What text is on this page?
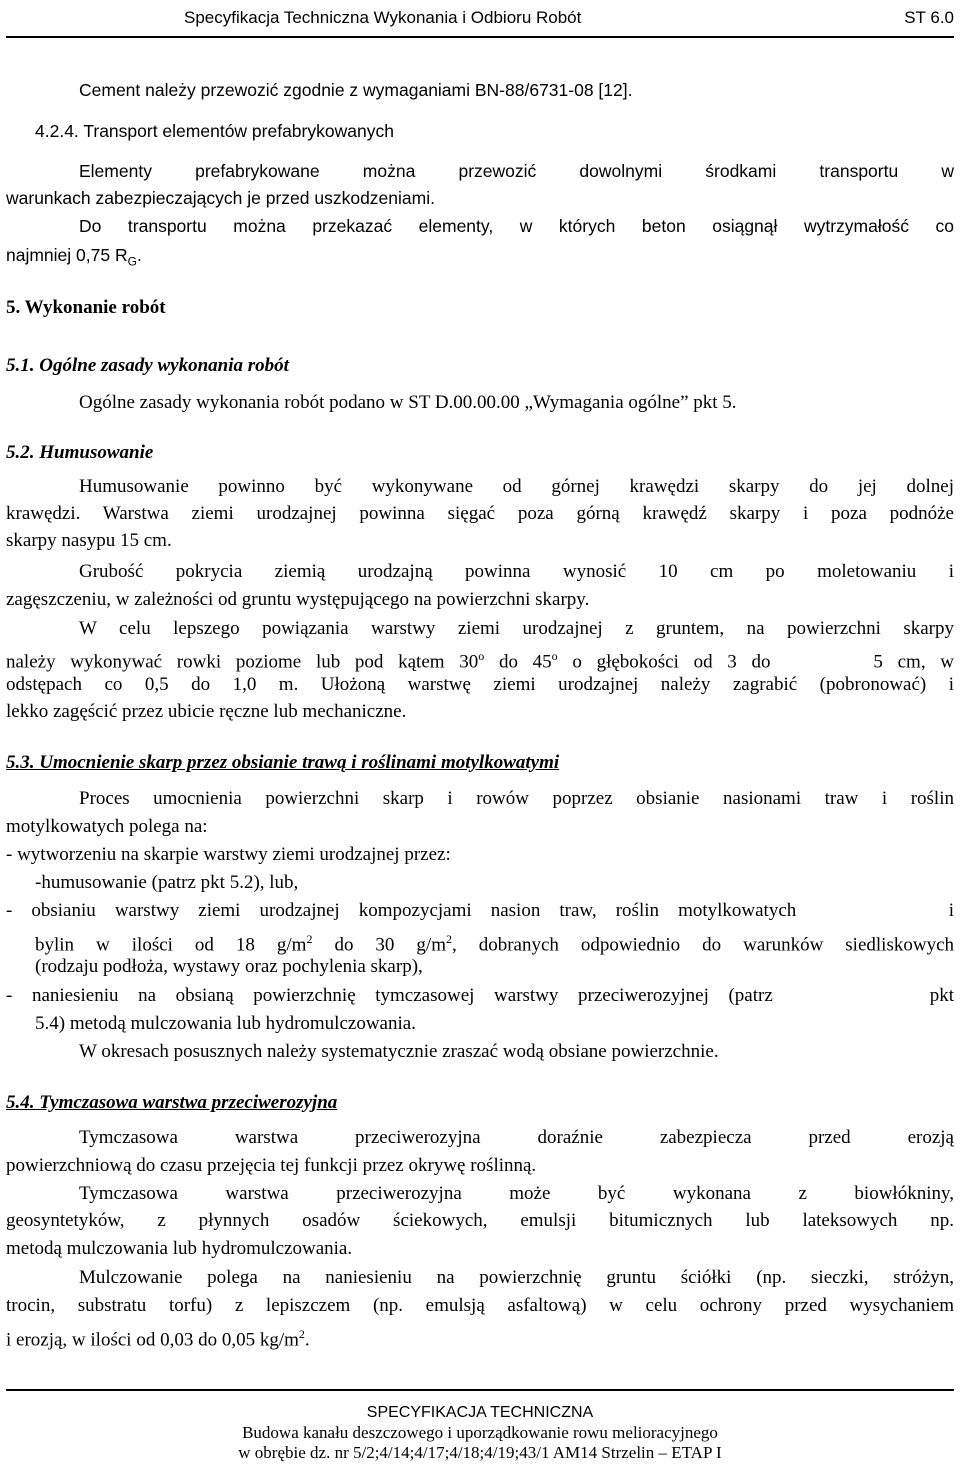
Specyfikacja Techniczna Wykonania i Odbioru Robót	ST 6.0
Cement należy przewozić zgodnie z wymaganiami BN-88/6731-08 [12].
4.2.4. Transport elementów prefabrykowanych
Elementy prefabrykowane można przewozić dowolnymi środkami transportu w
warunkach zabezpieczających je przed uszkodzeniami.
Do transportu można przekazać elementy, w których beton osiągnął wytrzymałość co
najmniej 0,75 $R_G$.
5. Wykonanie robót
5.1. Ogólne zasady wykonania robót
Ogólne zasady wykonania robót podano w ST D.00.00.00 „Wymagania ogólne” pkt 5.
5.2. Humusowanie
Humusowanie powinno być wykonywane od górnej krawędzi skarpy do jej dolnej
krawędzi. Warstwa ziemi urodzajnej powinna sięgać poza górną krawędź skarpy i poza podnóże
skarpy nasypu 15 cm.
Grubość pokrycia ziemią urodzajną powinna wynosić 10 cm po moletowaniu i
zagęszczeniu, w zależności od gruntu występującego na powierzchni skarpy.
W celu lepszego powiązania warstwy ziemi urodzajnej z gruntem, na powierzchni skarpy
należy wykonywać rowki poziome lub pod kątem 30$^o$ do 45$^o$ o głębokości od 3 do       5 cm, w
odstępach co 0,5 do 1,0 m. Ułożoną warstwę ziemi urodzajnej należy zagrabić (pobronować) i
lekko zagęścić przez ubicie ręczne lub mechaniczne.
5.3. Umocnienie skarp przez obsianie trawą i roślinami motylkowatymi
Proces umocnienia powierzchni skarp i rowów poprzez obsianie nasionami traw i roślin
motylkowatych polega na:
- wytworzeniu na skarpie warstwy ziemi urodzajnej przez:
-humusowanie (patrz pkt 5.2), lub,
- obsianiu warstwy ziemi urodzajnej kompozycjami nasion traw, roślin motylkowatych        i
bylin w ilości od 18 $g/m^2$ do 30 $g/m^2$, dobranych odpowiednio do warunków siedliskowych
(rodzaju podłoża, wystawy oraz pochylenia skarp),
- naniesieniu na obsianą powierzchnię tymczasowej warstwy przeciwerozyjnej (patrz        pkt
5.4) metodą mulczowania lub hydromulczowania.
W okresach posusznych należy systematycznie zraszać wodą obsiane powierzchnie.
5.4. Tymczasowa warstwa przeciwerozyjna
Tymczasowa warstwa przeciwerozyjna doraźnie zabezpiecza przed erozją
powierzchniową do czasu przejęcia tej funkcji przez okrywę roślinną.
Tymczasowa warstwa przeciwerozyjna może być wykonana z biowłókniny,
geosyntetyków, z płynnych osadów ściekowych, emulsji bitumicznych lub lateksowych np.
metodą mulczowania lub hydromulczowania.
Mulczowanie polega na naniesieniu na powierzchnię gruntu ściółki (np. sieczki, stróżyn,
trocin, substratu torfu) z lepiszczem (np. emulsją asfaltową) w celu ochrony przed wysychaniem
i erozją, w ilości od 0,03 do 0,05 $kg/m^2$.
SPECYFIKACJA TECHNICZNA
Budowa kanału deszczowego i uporządkowanie rowu melioracyjnego
w obrębie dz. nr 5/2;4/14;4/17;4/18;4/19;43/1 AM14 Strzelin – ETAP I
